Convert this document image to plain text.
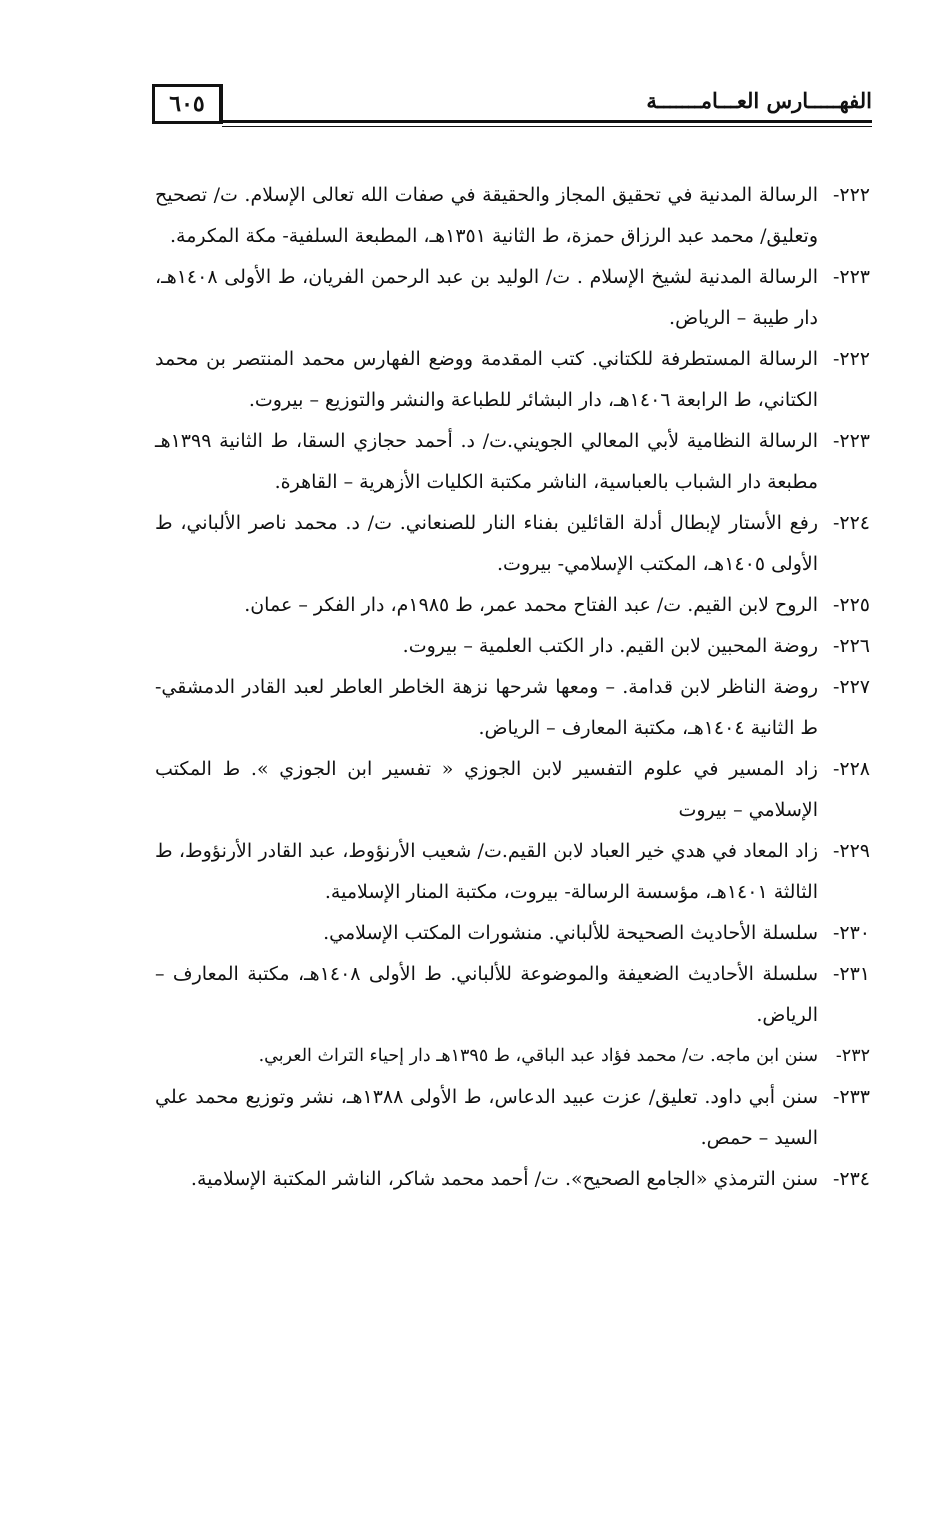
٦٠٥	الفهـــــارس العـــامـــــــة

٢٢٢-
الرسالة المدنية في تحقيق المجاز والحقيقة في صفات الله تعالى الإسلام. ت/ تصحيح وتعليق/ محمد عبد الرزاق حمزة، ط الثانية ١٣٥١هـ، المطبعة السلفية- مكة المكرمة.

٢٢٣-
الرسالة المدنية لشيخ الإسلام . ت/ الوليد بن عبد الرحمن الفريان، ط الأولى ١٤٠٨هـ، دار طيبة – الرياض.

٢٢٢-
الرسالة المستطرفة للكتاني. كتب المقدمة ووضع الفهارس محمد المنتصر بن محمد الكتاني، ط الرابعة ١٤٠٦هـ، دار البشائر للطباعة والنشر والتوزيع – بيروت.

٢٢٣-
الرسالة النظامية لأبي المعالي الجويني.ت/ د. أحمد حجازي السقا، ط الثانية ١٣٩٩هـ مطبعة دار الشباب بالعباسية، الناشر مكتبة الكليات الأزهرية – القاهرة.

٢٢٤-
رفع الأستار لإبطال أدلة القائلين بفناء النار للصنعاني. ت/ د. محمد ناصر الألباني، ط الأولى ١٤٠٥هـ، المكتب الإسلامي- بيروت.

٢٢٥-
الروح لابن القيم. ت/ عبد الفتاح محمد عمر، ط ١٩٨٥م، دار الفكر – عمان.

٢٢٦-
روضة المحبين لابن القيم. دار الكتب العلمية – بيروت.

٢٢٧-
روضة الناظر لابن قدامة. – ومعها شرحها نزهة الخاطر العاطر لعبد القادر الدمشقي- ط الثانية ١٤٠٤هـ، مكتبة المعارف – الرياض.

٢٢٨-
زاد المسير في علوم التفسير لابن الجوزي « تفسير ابن الجوزي ». ط المكتب الإسلامي – بيروت

٢٢٩-
زاد المعاد في هدي خير العباد لابن القيم.ت/ شعيب الأرنؤوط، عبد القادر الأرنؤوط، ط الثالثة ١٤٠١هـ، مؤسسة الرسالة- بيروت، مكتبة المنار الإسلامية.

٢٣٠-
سلسلة الأحاديث الصحيحة للألباني. منشورات المكتب الإسلامي.

٢٣١-
سلسلة الأحاديث الضعيفة والموضوعة للألباني. ط الأولى ١٤٠٨هـ، مكتبة المعارف – الرياض.

٢٣٢-
سنن ابن ماجه. ت/ محمد فؤاد عبد الباقي، ط ١٣٩٥هـ دار إحياء التراث العربي.

٢٣٣-
سنن أبي داود. تعليق/ عزت عبيد الدعاس، ط الأولى ١٣٨٨هـ، نشر وتوزيع محمد علي السيد – حمص.

٢٣٤-
سنن الترمذي «الجامع الصحيح». ت/ أحمد محمد شاكر، الناشر المكتبة الإسلامية.
